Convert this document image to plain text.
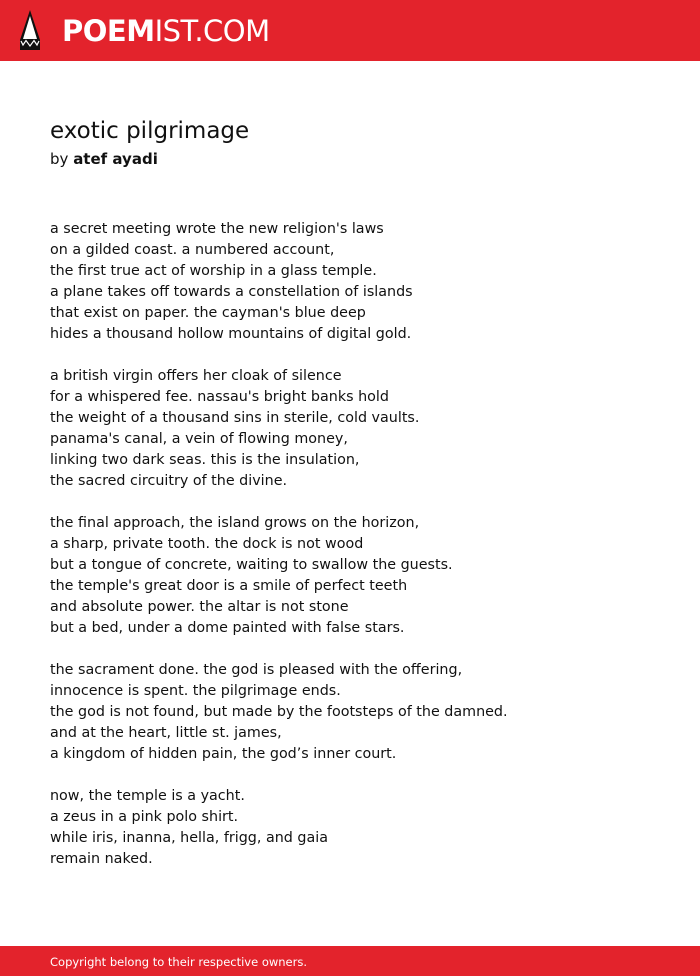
POEMIST.COM
exotic pilgrimage
by atef ayadi
a secret meeting wrote the new religion's laws
on a gilded coast. a numbered account,
the first true act of worship in a glass temple.
a plane takes off towards a constellation of islands
that exist on paper. the cayman's blue deep
hides a thousand hollow mountains of digital gold.
a british virgin offers her cloak of silence
for a whispered fee. nassau's bright banks hold
the weight of a thousand sins in sterile, cold vaults.
panama's canal, a vein of flowing money,
linking two dark seas. this is the insulation,
the sacred circuitry of the divine.
the final approach, the island grows on the horizon,
a sharp, private tooth. the dock is not wood
but a tongue of concrete, waiting to swallow the guests.
the temple's great door is a smile of perfect teeth
and absolute power. the altar is not stone
but a bed, under a dome painted with false stars.
the sacrament done. the god is pleased with the offering,
innocence is spent. the pilgrimage ends.
the god is not found, but made by the footsteps of the damned.
and at the heart, little st. james,
a kingdom of hidden pain, the god’s inner court.
now, the temple is a yacht.
a zeus in a pink polo shirt.
while iris, inanna, hella, frigg, and gaia
remain naked.
Copyright belong to their respective owners.
